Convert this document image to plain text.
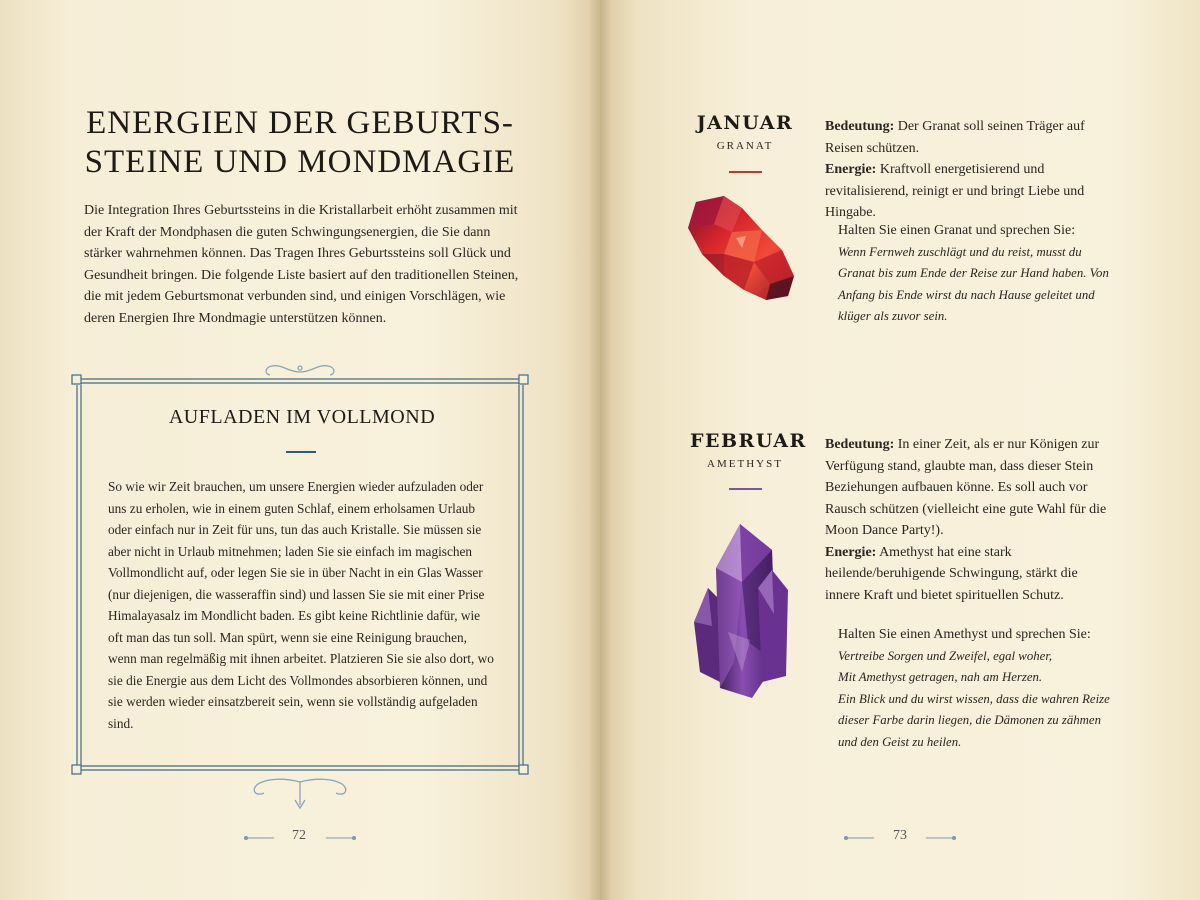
ENERGIEN DER GEBURTS-
STEINE UND MONDMAGIE

Die Integration Ihres Geburtssteins in die Kristallarbeit erhöht zusammen mit der Kraft der Mondphasen die guten Schwingungsenergien, die Sie dann stärker wahrnehmen können. Das Tragen Ihres Geburtssteins soll Glück und Gesundheit bringen. Die folgende Liste basiert auf den traditionellen Steinen, die mit jedem Geburtsmonat verbunden sind, und einigen Vorschlägen, wie deren Energien Ihre Mondmagie unterstützen können.

AUFLADEN IM VOLLMOND

So wie wir Zeit brauchen, um unsere Energien wieder aufzuladen oder uns zu erholen, wie in einem guten Schlaf, einem erholsamen Urlaub oder einfach nur in Zeit für uns, tun das auch Kristalle. Sie müssen sie aber nicht in Urlaub mitnehmen; laden Sie sie einfach im magischen Vollmondlicht auf, oder legen Sie sie in über Nacht in ein Glas Wasser (nur diejenigen, die wasseraffin sind) und lassen Sie sie mit einer Prise Himalayasalz im Mondlicht baden. Es gibt keine Richtlinie dafür, wie oft man das tun soll. Man spürt, wenn sie eine Reinigung brauchen, wenn man regelmäßig mit ihnen arbeitet. Platzieren Sie sie also dort, wo sie die Energie aus dem Licht des Vollmondes absorbieren können, und sie werden wieder einsatzbereit sein, wenn sie vollständig aufgeladen sind.

72
JANUAR
GRANAT

Bedeutung: Der Granat soll seinen Träger auf Reisen schützen.
Energie: Kraftvoll energetisierend und revitalisierend, reinigt er und bringt Liebe und Hingabe.

Halten Sie einen Granat und sprechen Sie:
Wenn Fernweh zuschlägt und du reist, musst du
Granat bis zum Ende der Reise zur Hand haben. Von
Anfang bis Ende wirst du nach Hause geleitet und
klüger als zuvor sein.

FEBRUAR
AMETHYST

Bedeutung: In einer Zeit, als er nur Königen zur Verfügung stand, glaubte man, dass dieser Stein Beziehungen aufbauen könne. Es soll auch vor Rausch schützen (vielleicht eine gute Wahl für die Moon Dance Party!).
Energie: Amethyst hat eine stark heilende/beruhigende Schwingung, stärkt die innere Kraft und bietet spirituellen Schutz.

Halten Sie einen Amethyst und sprechen Sie:
Vertreibe Sorgen und Zweifel, egal woher,
Mit Amethyst getragen, nah am Herzen.
Ein Blick und du wirst wissen, dass die wahren Reize
dieser Farbe darin liegen, die Dämonen zu zähmen
und den Geist zu heilen.

73
